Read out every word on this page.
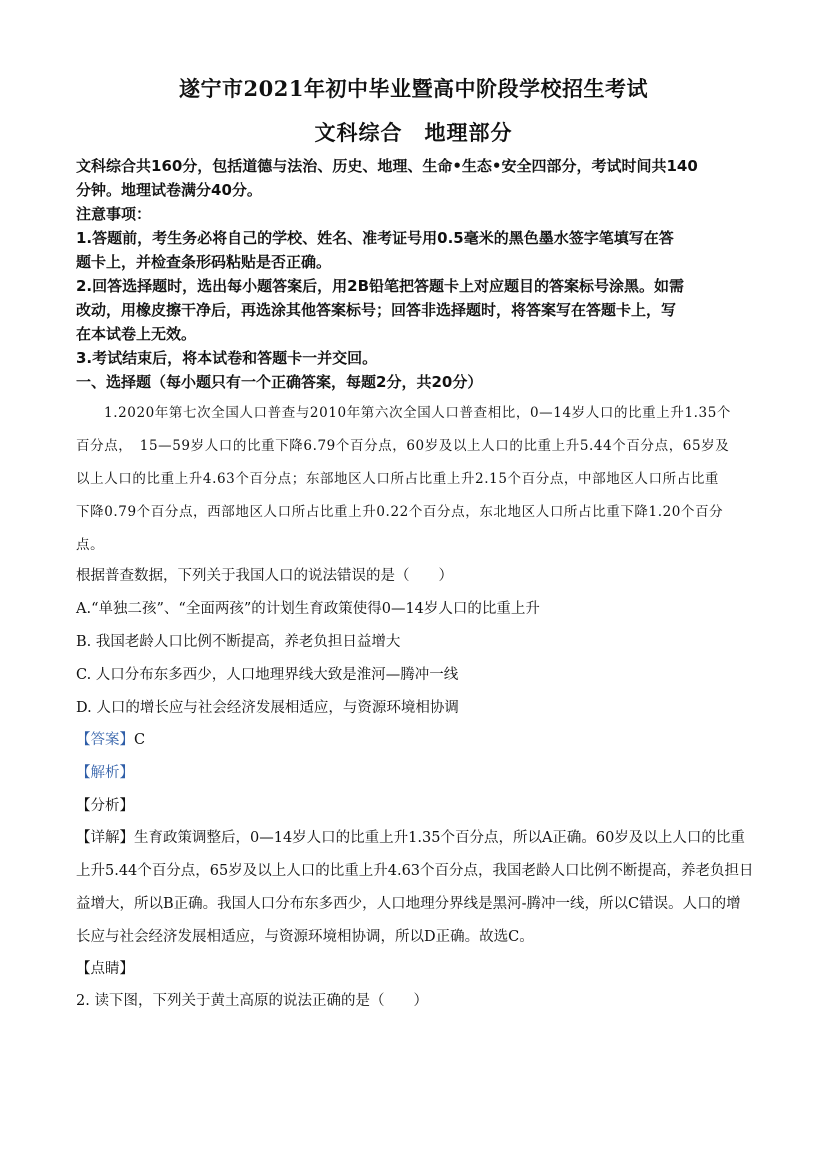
遂宁市2021年初中毕业暨高中阶段学校招生考试
文科综合　地理部分
文科综合共160分，包括道德与法治、历史、地理、生命•生态•安全四部分，考试时间共140
分钟。地理试卷满分40分。
注意事项：
1.答题前，考生务必将自己的学校、姓名、准考证号用0.5毫米的黑色墨水签字笔填写在答
题卡上，并检查条形码粘贴是否正确。
2.回答选择题时，选出每小题答案后，用2B铅笔把答题卡上对应题目的答案标号涂黑。如需
改动，用橡皮擦干净后，再选涂其他答案标号；回答非选择题时，将答案写在答题卡上，写
在本试卷上无效。
3.考试结束后，将本试卷和答题卡一并交回。
一、选择题（每小题只有一个正确答案，每题2分，共20分）
1.2020年第七次全国人口普查与2010年第六次全国人口普查相比，0—14岁人口的比重上升1.35个
百分点，　15—59岁人口的比重下降6.79个百分点，60岁及以上人口的比重上升5.44个百分点，65岁及
以上人口的比重上升4.63个百分点；东部地区人口所占比重上升2.15个百分点，中部地区人口所占比重
下降0.79个百分点，西部地区人口所占比重上升0.22个百分点，东北地区人口所占比重下降1.20个百分
点。
根据普查数据，下列关于我国人口的说法错误的是（　　）
A.“单独二孩”、“全面两孩”的计划生育政策使得0—14岁人口的比重上升
B. 我国老龄人口比例不断提高，养老负担日益增大
C. 人口分布东多西少，人口地理界线大致是淮河—腾冲一线
D. 人口的增长应与社会经济发展相适应，与资源环境相协调
【答案】C
【解析】
【分析】
【详解】生育政策调整后，0—14岁人口的比重上升1.35个百分点，所以A正确。60岁及以上人口的比重
上升5.44个百分点，65岁及以上人口的比重上升4.63个百分点，我国老龄人口比例不断提高，养老负担日
益增大，所以B正确。我国人口分布东多西少，人口地理分界线是黑河-腾冲一线，所以C错误。人口的增
长应与社会经济发展相适应，与资源环境相协调，所以D正确。故选C。
【点睛】
2. 读下图，下列关于黄土高原的说法正确的是（　　）
